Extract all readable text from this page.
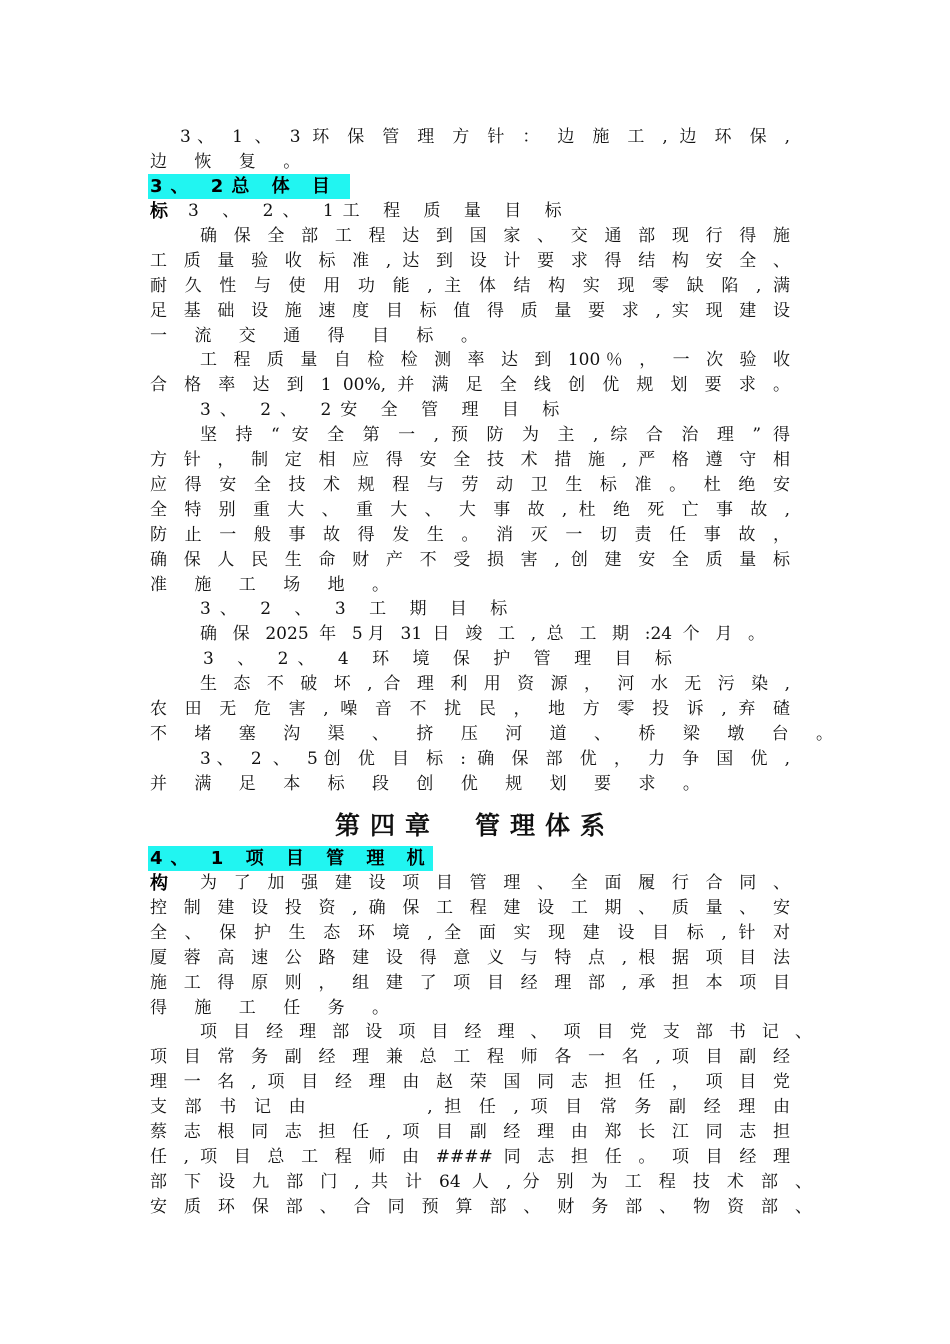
3、 1 、 3 环 保 管 理 方 针 ： 边 施 工 , 边 环 保 ,
边 恢 复 。
3、 2总 体 目 标 3 、 2、 1工 程 质 量 目 标
确 保 全 部 工 程 达 到 国 家 、 交 通 部 现 行 得 施
工 质 量 验 收 标 准 , 达 到 设 计 要 求 得 结 构 安 全 、
耐 久 性 与 使 用 功 能 , 主 体 结 构 实 现 零 缺 陷 , 满
足 基 础 设 施 速 度 目 标 值 得 质 量 要 求 , 实 现 建 设
一 流 交 通 得 目 标 。
工 程 质 量 自 检 检 测 率 达 到 100％ ， 一 次 验 收
合 格 率 达 到 1 00%, 并 满 足 全 线 创 优 规 划 要 求 。
3、 2、 2安 全 管 理 目 标
坚 持 “ 安 全 第 一 , 预 防 为 主 , 综 合 治 理 ” 得
方 针 ， 制 定 相 应 得 安 全 技 术 措 施 , 严 格 遵 守 相
应 得 安 全 技 术 规 程 与 劳 动 卫 生 标 准 。 杜 绝 安
全 特 别 重 大 、 重 大 、 大 事 故 , 杜 绝 死 亡 事 故 ,
防 止 一 般 事 故 得 发 生 。 消 灭 一 切 责 任 事 故 ，
确 保 人 民 生 命 财 产 不 受 损 害 , 创 建 安 全 质 量 标
准 施 工 场 地 。
3、 2 、 3 工 期 目 标
确 保 2025 年 5月 31 日 竣 工 , 总 工 期 :24 个 月 。
3 、 2、 4 环 境 保 护 管 理 目 标
生 态 不 破 坏 , 合 理 利 用 资 源 ， 河 水 无 污 染 ,
农 田 无 危 害 , 噪 音 不 扰 民 ， 地 方 零 投 诉 , 弃 碴
不 堵 塞 沟 渠 、 挤 压 河 道 、 桥 梁 墩 台 。
3、 2 、 5创 优 目 标 : 确 保 部 优 ， 力 争 国 优 ,
并 满 足 本 标 段 创 优 规 划 要 求 。
第四章　管理体系
4、 1 项 目 管 理 机 构	为 了 加 强 建 设 项 目 管 理 、 全 面 履 行 合 同 、
控 制 建 设 投 资 , 确 保 工 程 建 设 工 期 、 质 量 、 安
全 、 保 护 生 态 环 境 , 全 面 实 现 建 设 目 标 , 针 对
厦 蓉 高 速 公 路 建 设 得 意 义 与 特 点 , 根 据 项 目 法
施 工 得 原 则 ， 组 建 了 项 目 经 理 部 , 承 担 本 项 目
得 施 工 任 务 。
项 目 经 理 部 设 项 目 经 理 、 项 目 党 支 部 书 记 、
项 目 常 务 副 经 理 兼 总 工 程 师 各 一 名 , 项 目 副 经
理 一 名 , 项 目 经 理 由 赵 荣 国 同 志 担 任 ， 项 目 党
支 部 书 记 由 　　　　 , 担 任 , 项 目 常 务 副 经 理 由
蔡 志 根 同 志 担 任 , 项 目 副 经 理 由 郑 长 江 同 志 担
任 , 项 目 总 工 程 师 由 #### 同 志 担 任 。 项 目 经 理
部 下 设 九 部 门 , 共 计 64 人 , 分 别 为 工 程 技 术 部 、
安 质 环 保 部 、 合 同 预 算 部 、 财 务 部 、 物 资 部 、
